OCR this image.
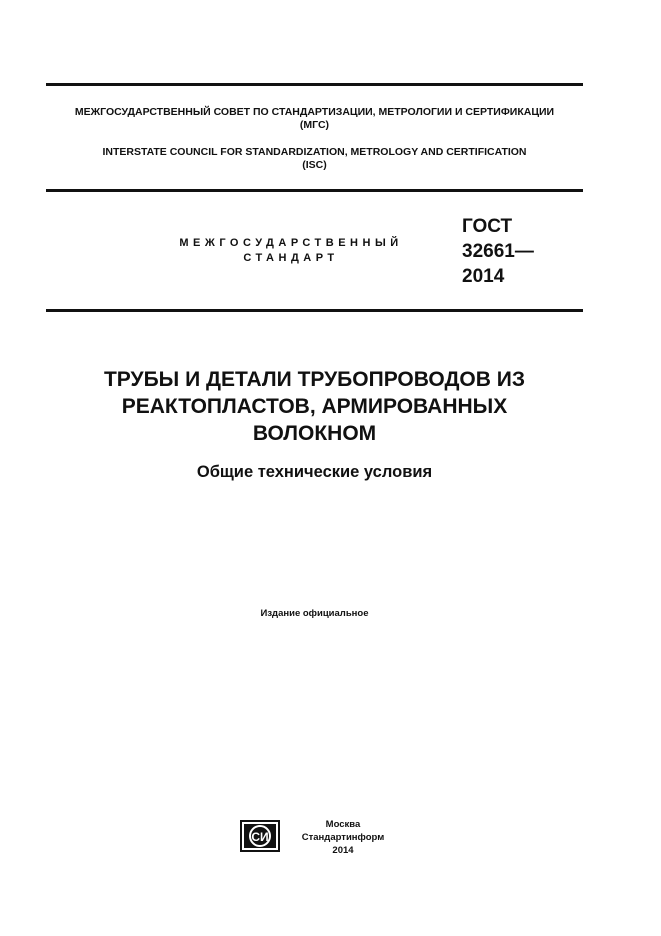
МЕЖГОСУДАРСТВЕННЫЙ СОВЕТ ПО СТАНДАРТИЗАЦИИ, МЕТРОЛОГИИ И СЕРТИФИКАЦИИ
(МГС)
INTERSTATE COUNCIL FOR STANDARDIZATION, METROLOGY AND CERTIFICATION
(ISC)
МЕЖГОСУДАРСТВЕННЫЙ
СТАНДАРТ
ГОСТ
32661—
2014
ТРУБЫ И ДЕТАЛИ ТРУБОПРОВОДОВ ИЗ
РЕАКТОПЛАСТОВ, АРМИРОВАННЫХ
ВОЛОКНОМ
Общие технические условия
Издание официальное
СИ
Москва
Стандартинформ
2014
